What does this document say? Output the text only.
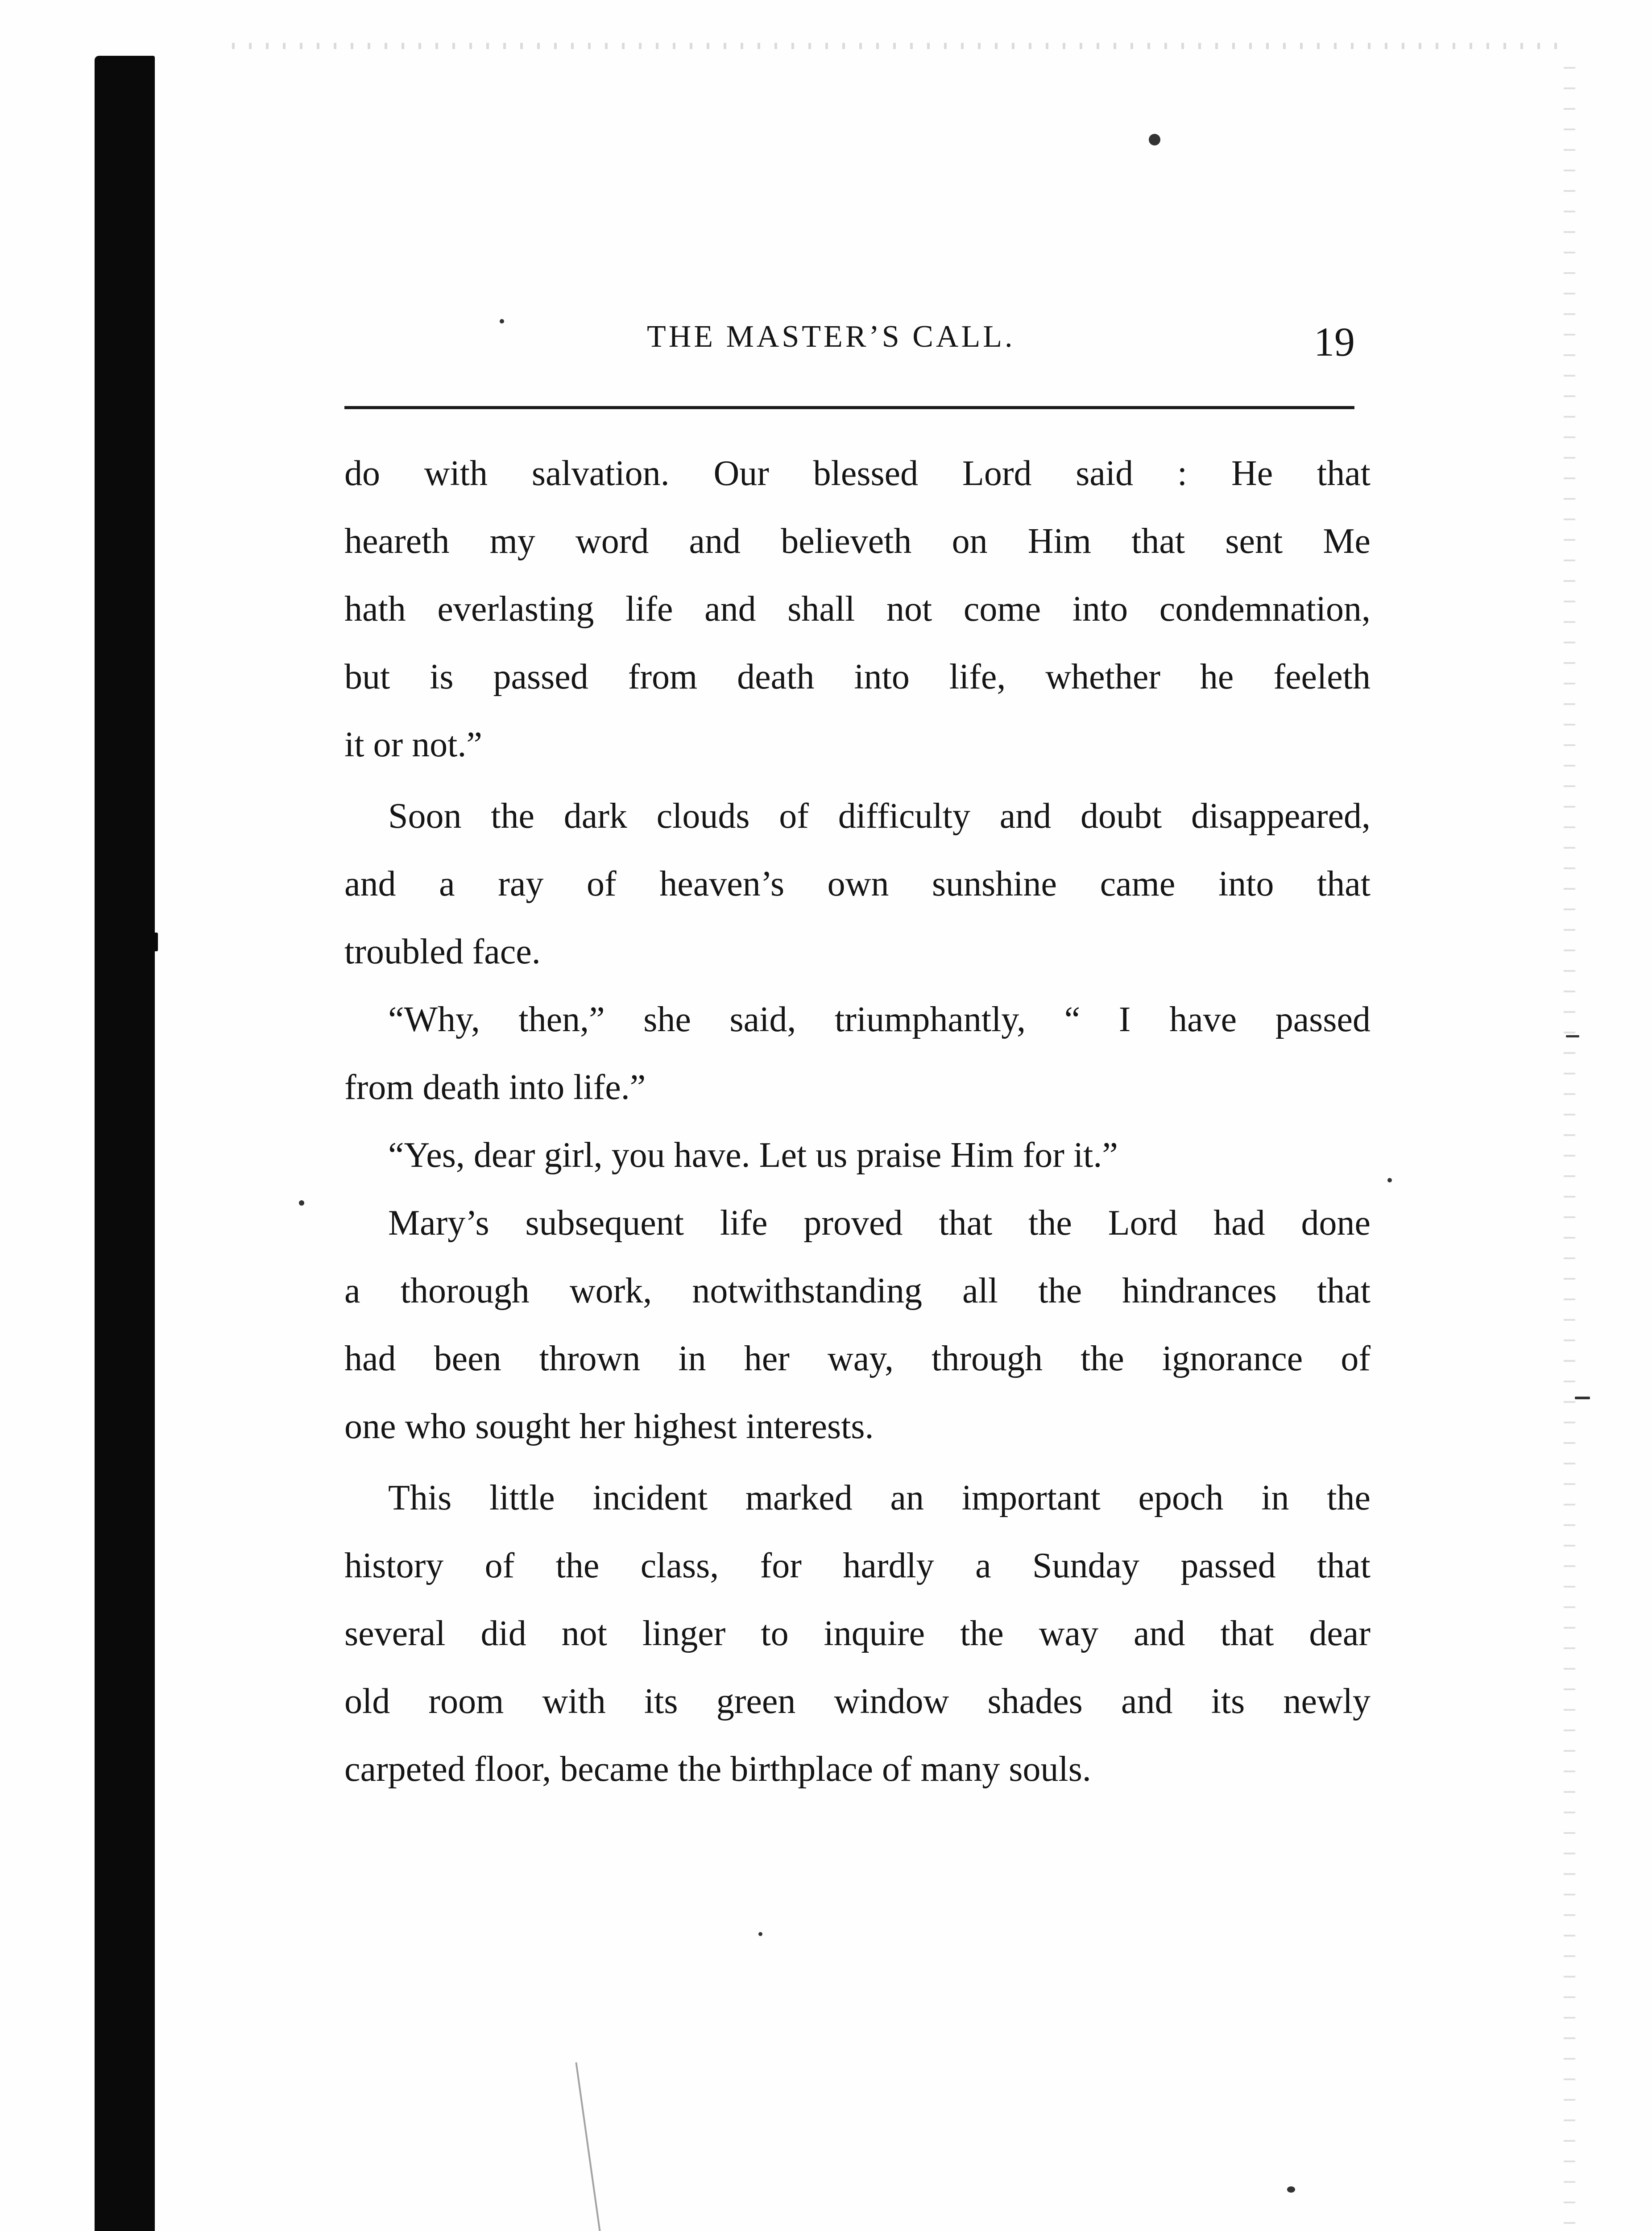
THE MASTER’S CALL.	19
do with salvation. Our blessed Lord said : He that
heareth my word and believeth on Him that sent Me
hath everlasting life and shall not come into condemnation,
but is passed from death into life, whether he feeleth
it or not.”
Soon the dark clouds of difficulty and doubt disappeared,
and a ray of heaven’s own sunshine came into that
troubled face.
“Why, then,” she said, triumphantly, “ I have passed
from death into life.”
“Yes, dear girl, you have. Let us praise Him for it.”
Mary’s subsequent life proved that the Lord had done
a thorough work, notwithstanding all the hindrances that
had been thrown in her way, through the ignorance of
one who sought her highest interests.
This little incident marked an important epoch in the
history of the class, for hardly a Sunday passed that
several did not linger to inquire the way and that dear
old room with its green window shades and its newly
carpeted floor, became the birthplace of many souls.
